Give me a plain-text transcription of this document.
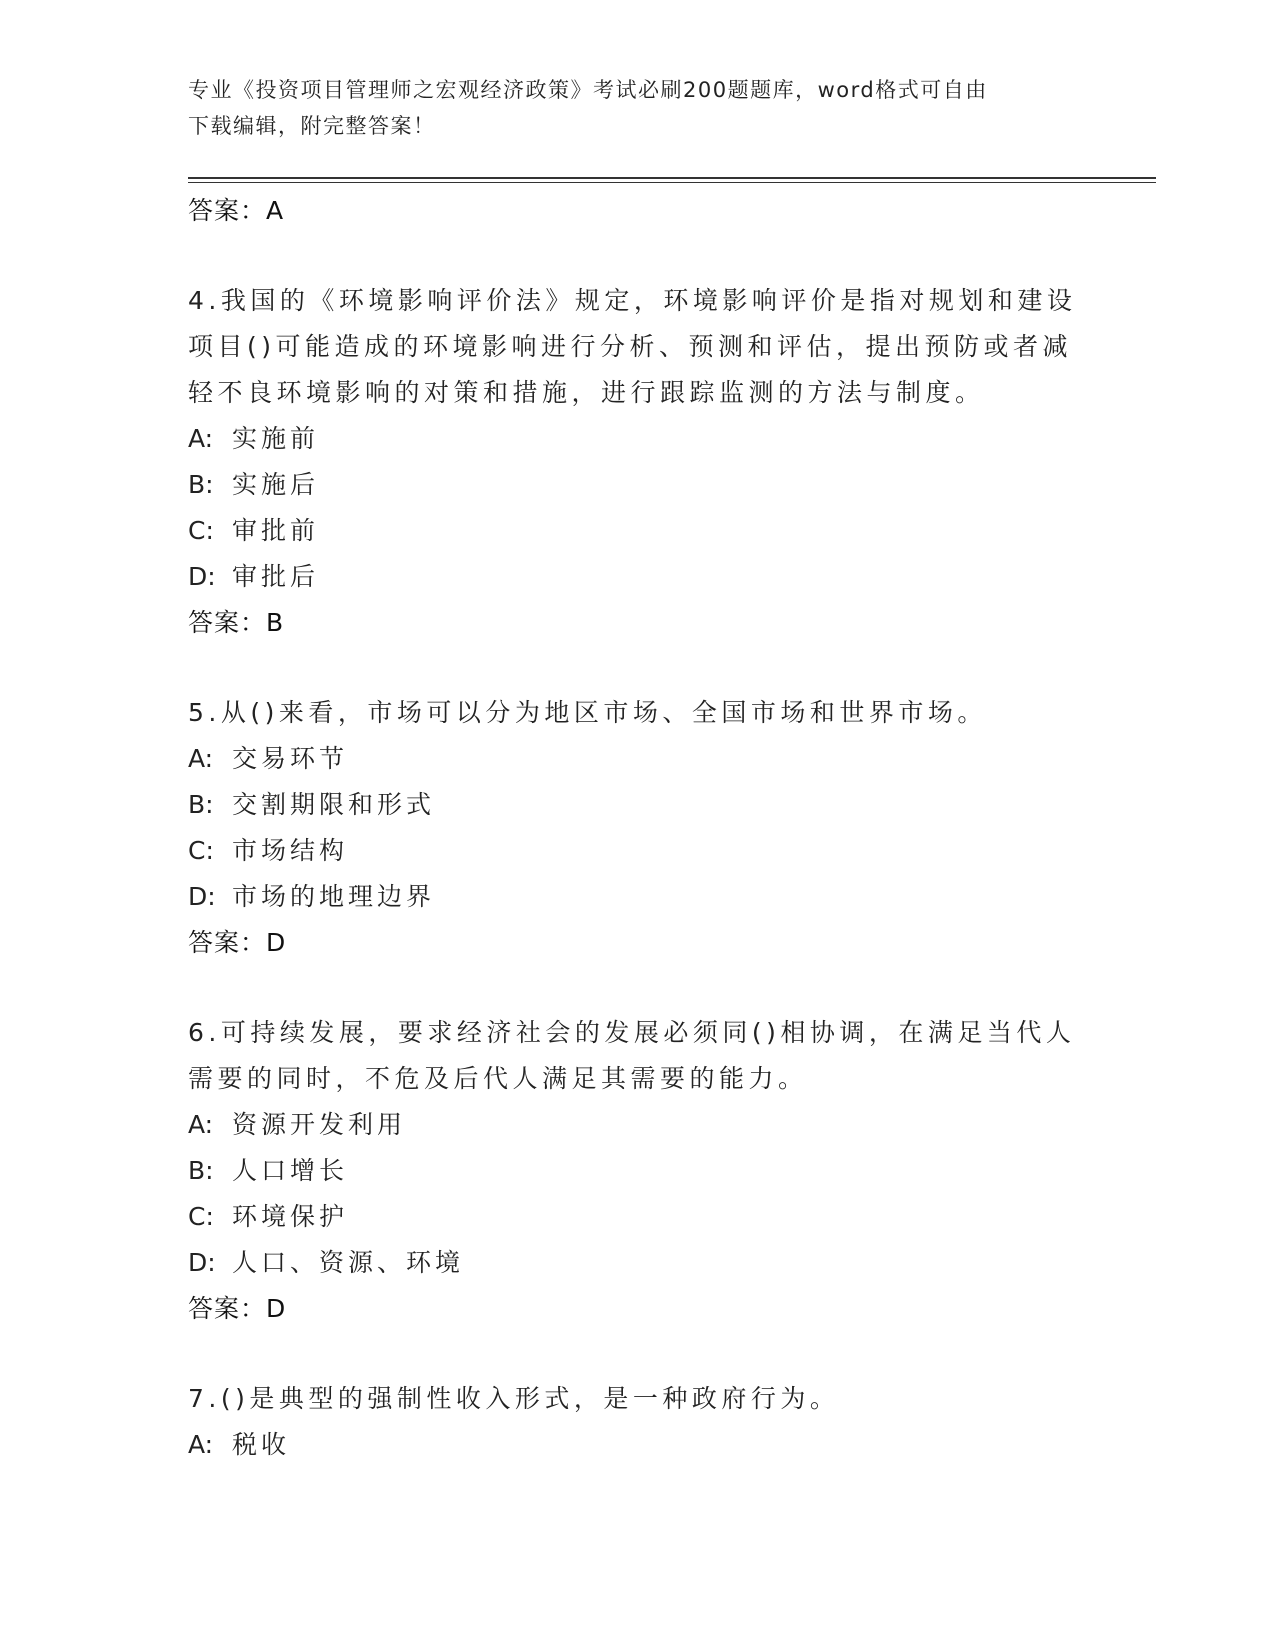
专业《投资项目管理师之宏观经济政策》考试必刷200题题库，word格式可自由
下载编辑，附完整答案！
答案：A
4.我国的《环境影响评价法》规定，环境影响评价是指对规划和建设项目()可能造成的环境影响进行分析、预测和评估，提出预防或者减轻不良环境影响的对策和措施，进行跟踪监测的方法与制度。
A: 实施前
B: 实施后
C: 审批前
D: 审批后
答案：B
5.从()来看，市场可以分为地区市场、全国市场和世界市场。
A: 交易环节
B: 交割期限和形式
C: 市场结构
D: 市场的地理边界
答案：D
6.可持续发展，要求经济社会的发展必须同()相协调，在满足当代人需要的同时，不危及后代人满足其需要的能力。
A: 资源开发利用
B: 人口增长
C: 环境保护
D: 人口、资源、环境
答案：D
7.()是典型的强制性收入形式，是一种政府行为。
A: 税收
